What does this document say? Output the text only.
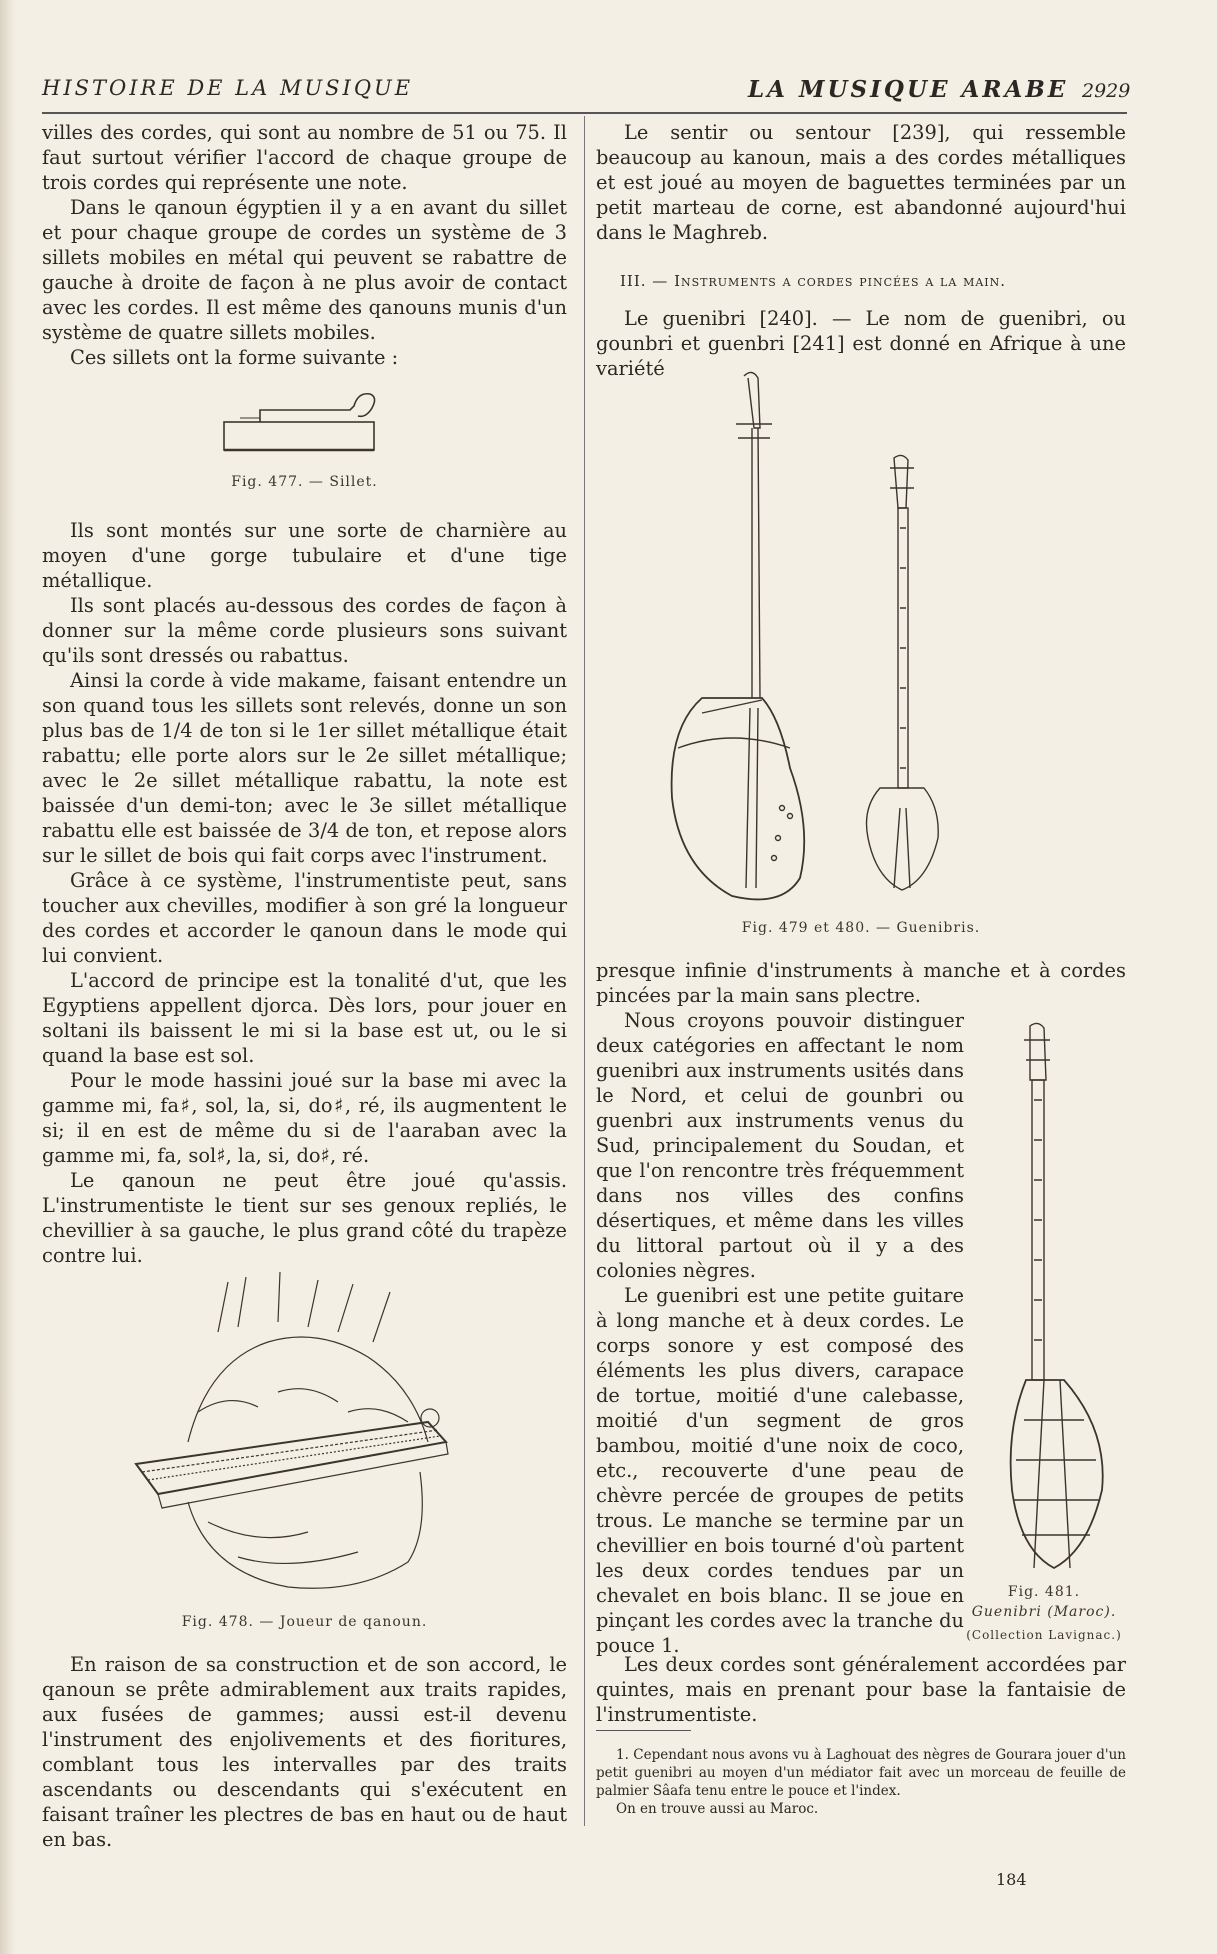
HISTOIRE DE LA MUSIQUE	LA MUSIQUE ARABE 2929

villes des cordes, qui sont au nombre de 51 ou 75. Il faut surtout vérifier l'accord de chaque groupe de trois cordes qui représente une note.

Dans le qanoun égyptien il y a en avant du sillet et pour chaque groupe de cordes un système de 3 sillets mobiles en métal qui peuvent se rabattre de gauche à droite de façon à ne plus avoir de contact avec les cordes. Il est même des qanouns munis d'un système de quatre sillets mobiles.

Ces sillets ont la forme suivante :

Fig. 477. — Sillet.

Ils sont montés sur une sorte de charnière au moyen d'une gorge tubulaire et d'une tige métallique.

Ils sont placés au-dessous des cordes de façon à donner sur la même corde plusieurs sons suivant qu'ils sont dressés ou rabattus.

Ainsi la corde à vide makame, faisant entendre un son quand tous les sillets sont relevés, donne un son plus bas de 1/4 de ton si le 1er sillet métallique était rabattu; elle porte alors sur le 2e sillet métallique; avec le 2e sillet métallique rabattu, la note est baissée d'un demi-ton; avec le 3e sillet métallique rabattu elle est baissée de 3/4 de ton, et repose alors sur le sillet de bois qui fait corps avec l'instrument.

Grâce à ce système, l'instrumentiste peut, sans toucher aux chevilles, modifier à son gré la longueur des cordes et accorder le qanoun dans le mode qui lui convient.

L'accord de principe est la tonalité d'ut, que les Egyptiens appellent djorca. Dès lors, pour jouer en soltani ils baissent le mi si la base est ut, ou le si quand la base est sol.

Pour le mode hassini joué sur la base mi avec la gamme mi, fa♯, sol, la, si, do♯, ré, ils augmentent le si; il en est de même du si de l'aaraban avec la gamme mi, fa, sol♯, la, si, do♯, ré.

Le qanoun ne peut être joué qu'assis. L'instrumentiste le tient sur ses genoux repliés, le chevillier à sa gauche, le plus grand côté du trapèze contre lui.

Fig. 478. — Joueur de qanoun.

En raison de sa construction et de son accord, le qanoun se prête admirablement aux traits rapides, aux fusées de gammes; aussi est-il devenu l'instrument des enjolivements et des fioritures, comblant tous les intervalles par des traits ascendants ou descendants qui s'exécutent en faisant traîner les plectres de bas en haut ou de haut en bas.

Le sentir ou sentour [239], qui ressemble beaucoup au kanoun, mais a des cordes métalliques et est joué au moyen de baguettes terminées par un petit marteau de corne, est abandonné aujourd'hui dans le Maghreb.

III. — Instruments a cordes pincées a la main.

Le guenibri [240]. — Le nom de guenibri, ou gounbri et guenbri [241] est donné en Afrique à une variété

Fig. 479 et 480. — Guenibris.

presque infinie d'instruments à manche et à cordes pincées par la main sans plectre.

Nous croyons pouvoir distinguer deux catégories en affectant le nom guenibri aux instruments usités dans le Nord, et celui de gounbri ou guenbri aux instruments venus du Sud, principalement du Soudan, et que l'on rencontre très fréquemment dans nos villes des confins désertiques, et même dans les villes du littoral partout où il y a des colonies nègres.

Le guenibri est une petite guitare à long manche et à deux cordes. Le corps sonore y est composé des éléments les plus divers, carapace de tortue, moitié d'une calebasse, moitié d'un segment de gros bambou, moitié d'une noix de coco, etc., recouverte d'une peau de chèvre percée de groupes de petits trous. Le manche se termine par un chevillier en bois tourné d'où partent les deux cordes tendues par un chevalet en bois blanc. Il se joue en pinçant les cordes avec la tranche du pouce 1.

Fig. 481.
Guenibri (Maroc).
(Collection Lavignac.)

Les deux cordes sont généralement accordées par quintes, mais en prenant pour base la fantaisie de l'instrumentiste.

1. Cependant nous avons vu à Laghouat des nègres de Gourara jouer d'un petit guenibri au moyen d'un médiator fait avec un morceau de feuille de palmier Sâafa tenu entre le pouce et l'index.

On en trouve aussi au Maroc.

184
